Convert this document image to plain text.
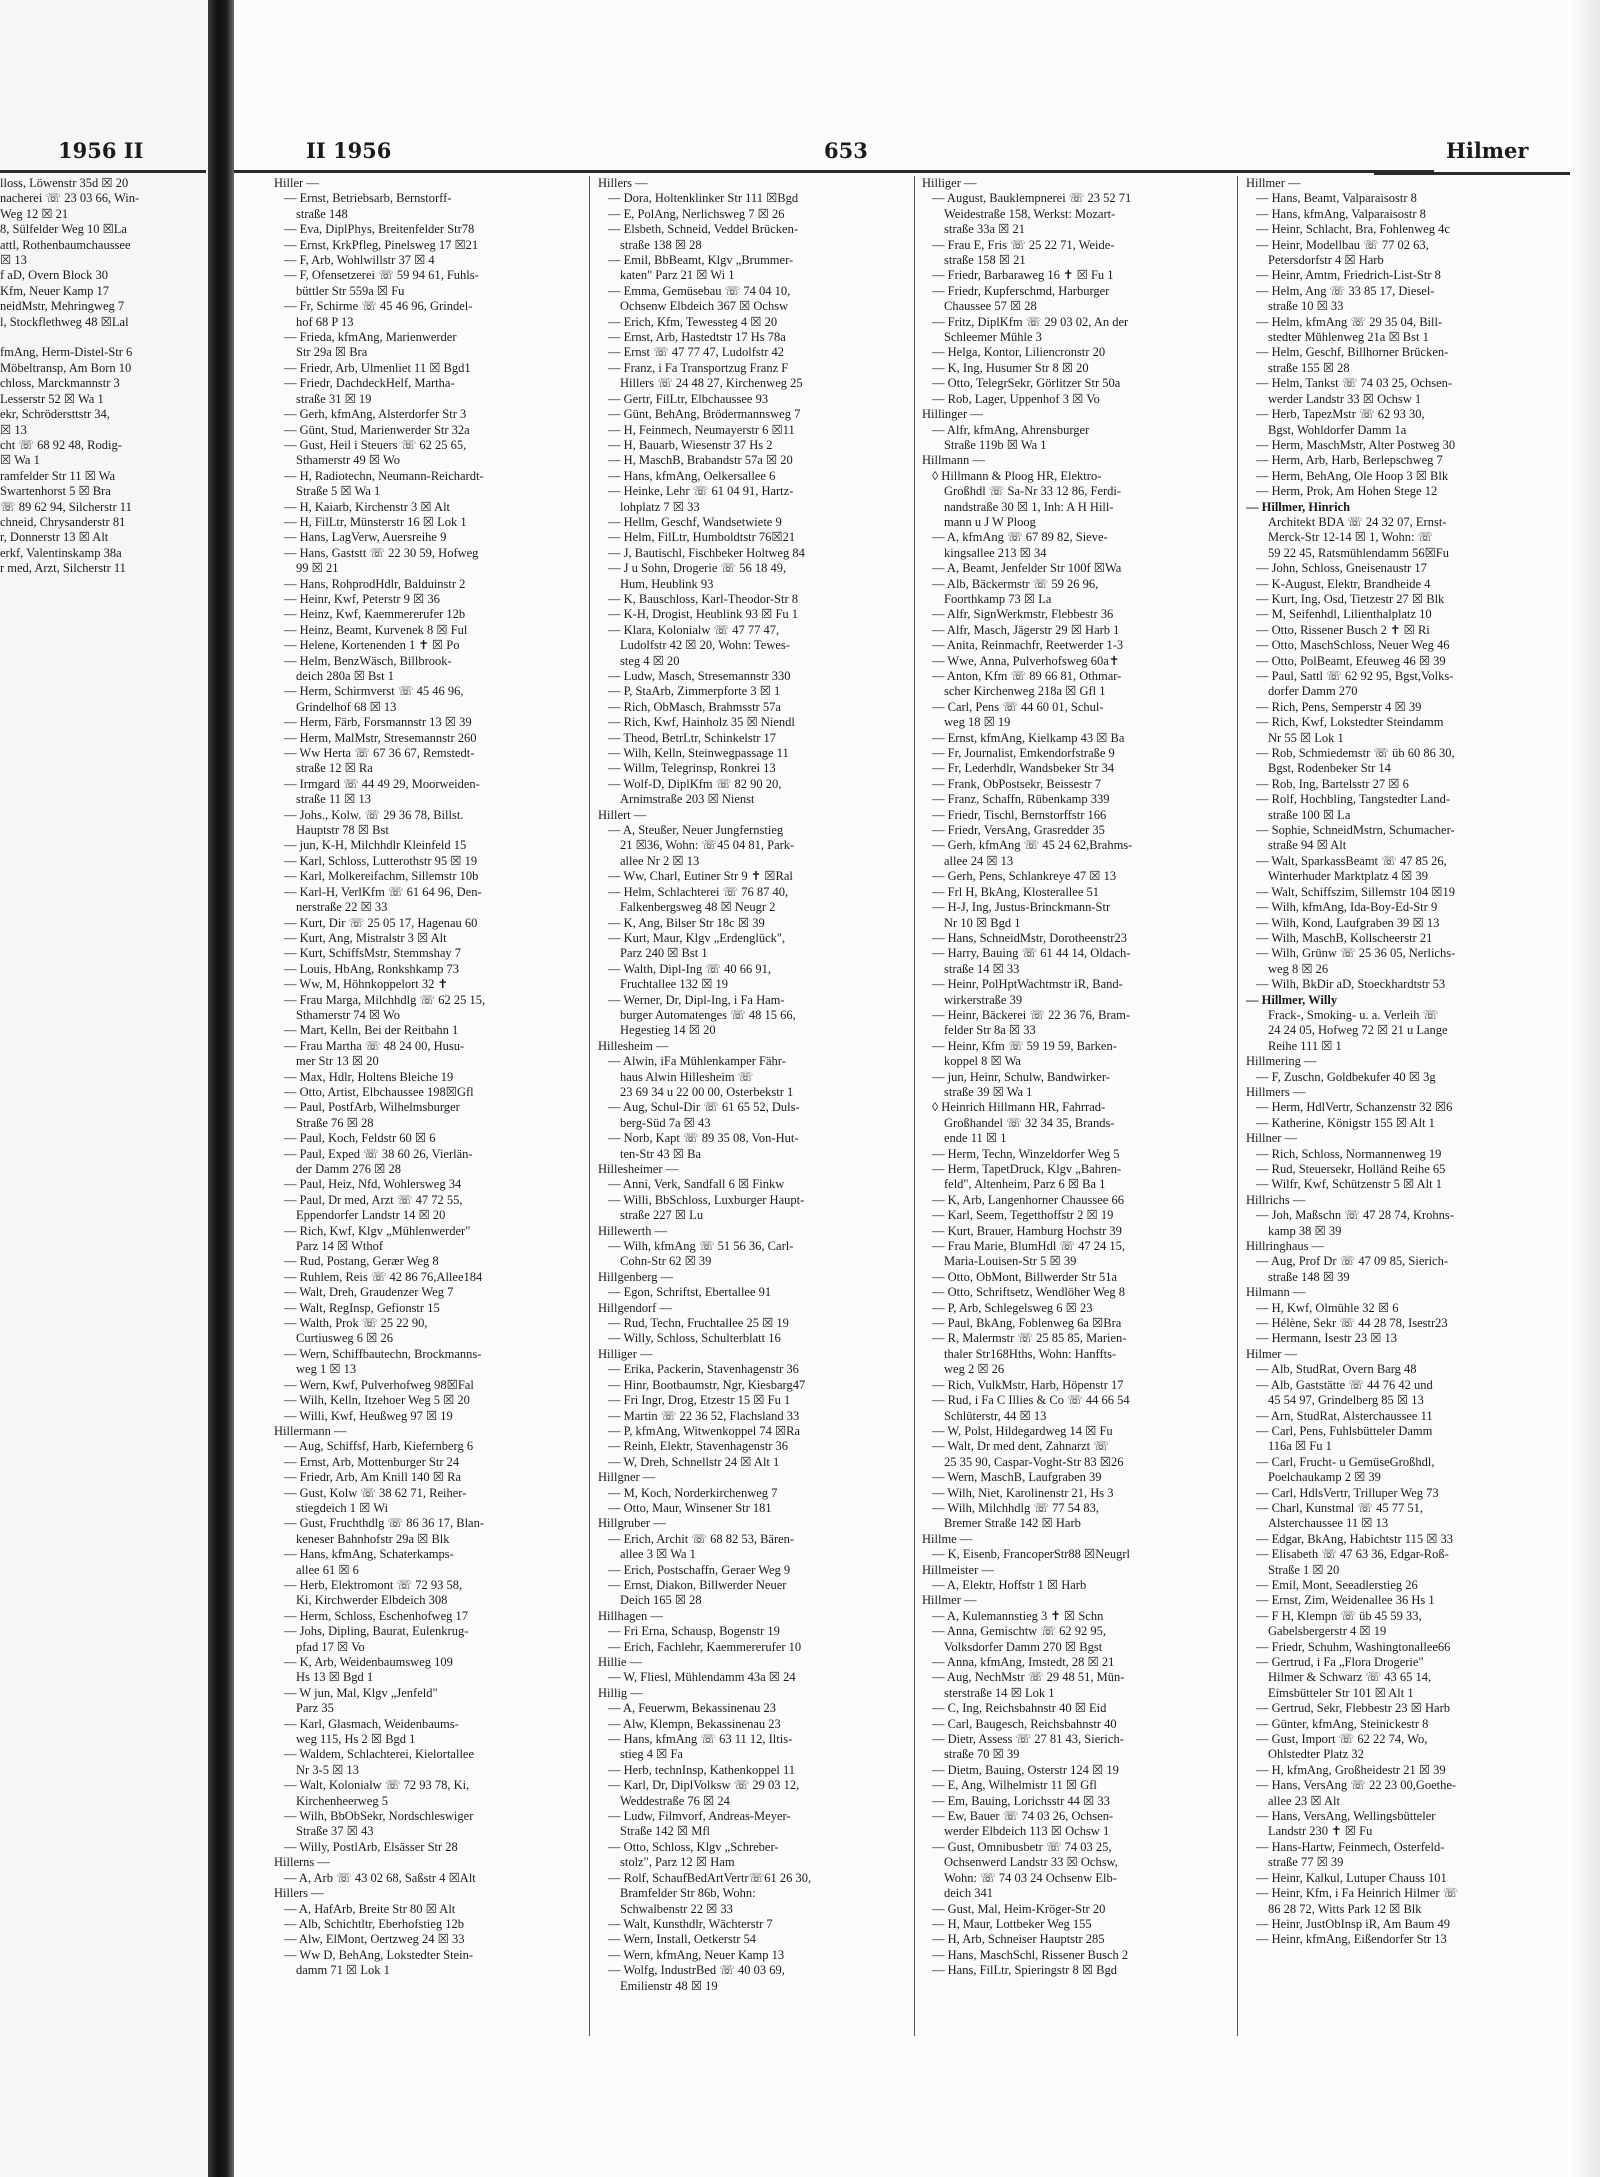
1956 II
lloss, Löwenstr 35d ☒ 20
nacherei ☏ 23 03 66, Win-
Weg 12 ☒ 21
8, Sülfelder Weg 10 ☒La
attl, Rothenbaumchaussee
☒ 13
f aD, Overn Block 30
Kfm, Neuer Kamp 17
neidMstr, Mehringweg 7
l, Stockflethweg 48 ☒Lal

fmAng, Herm-Distel-Str 6
Möbeltransp, Am Born 10
chloss, Marckmannstr 3
Lesserstr 52 ☒ Wa 1
ekr, Schrödersttstr 34,
☒ 13
cht ☏ 68 92 48, Rodig-
☒ Wa 1
ramfelder Str 11 ☒ Wa
Swartenhorst 5 ☒ Bra
☏ 89 62 94, Silcherstr 11
chneid, Chrysanderstr 81
r, Donnerstr 13 ☒ Alt
erkf, Valentinskamp 38a
r med, Arzt, Silcherstr 11
II 1956	653	Hilmer
Hiller —
— Ernst, Betriebsarb, Bernstorff-
straße 148
— Eva, DiplPhys, Breitenfelder Str78
— Ernst, KrkPfleg, Pinelsweg 17 ☒21
— F, Arb, Wohlwillstr 37 ☒ 4
— F, Ofensetzerei ☏ 59 94 61, Fuhls-
büttler Str 559a ☒ Fu
— Fr, Schirme ☏ 45 46 96, Grindel-
hof 68 P 13
— Frieda, kfmAng, Marienwerder
Str 29a ☒ Bra
— Friedr, Arb, Ulmenliet 11 ☒ Bgd1
— Friedr, DachdeckHelf, Martha-
straße 31 ☒ 19
— Gerh, kfmAng, Alsterdorfer Str 3
— Günt, Stud, Marienwerder Str 32a
— Gust, Heil i Steuers ☏ 62 25 65,
Sthamerstr 49 ☒ Wo
— H, Radiotechn, Neumann-Reichardt-
Straße 5 ☒ Wa 1
— H, Kaiarb, Kirchenstr 3 ☒ Alt
— H, FilLtr, Münsterstr 16 ☒ Lok 1
— Hans, LagVerw, Auersreihe 9
— Hans, Gaststt ☏ 22 30 59, Hofweg
99 ☒ 21
— Hans, RohprodHdlr, Balduinstr 2
— Heinr, Kwf, Peterstr 9 ☒ 36
— Heinz, Kwf, Kaemmererufer 12b
— Heinz, Beamt, Kurvenek 8 ☒ Ful
— Helene, Kortenenden 1 ✝ ☒ Po
— Helm, BenzWäsch, Billbrook-
deich 280a ☒ Bst 1
— Herm, Schirmverst ☏ 45 46 96,
Grindelhof 68 ☒ 13
— Herm, Färb, Forsmannstr 13 ☒ 39
— Herm, MalMstr, Stresemannstr 260
— Ww Herta ☏ 67 36 67, Remstedt-
straße 12 ☒ Ra
— Irmgard ☏ 44 49 29, Moorweiden-
straße 11 ☒ 13
— Johs., Kolw. ☏ 29 36 78, Billst.
Hauptstr 78 ☒ Bst
— jun, K-H, Milchhdlr Kleinfeld 15
— Karl, Schloss, Lutterothstr 95 ☒ 19
— Karl, Molkereifachm, Sillemstr 10b
— Karl-H, VerlKfm ☏ 61 64 96, Den-
nerstraße 22 ☒ 33
— Kurt, Dir ☏ 25 05 17, Hagenau 60
— Kurt, Ang, Mistralstr 3 ☒ Alt
— Kurt, SchiffsMstr, Stemmshay 7
— Louis, HbAng, Ronkshkamp 73
— Ww, M, Höhnkoppelort 32 ✝
— Frau Marga, Milchhdlg ☏ 62 25 15,
Sthamerstr 74 ☒ Wo
— Mart, Kelln, Bei der Reitbahn 1
— Frau Martha ☏ 48 24 00, Husu-
mer Str 13 ☒ 20
— Max, Hdlr, Holtens Bleiche 19
— Otto, Artist, Elbchaussee 198☒Gfl
— Paul, PostfArb, Wilhelmsburger
Straße 76 ☒ 28
— Paul, Koch, Feldstr 60 ☒ 6
— Paul, Exped ☏ 38 60 26, Vierlän-
der Damm 276 ☒ 28
— Paul, Heiz, Nfd, Wohlersweg 34
— Paul, Dr med, Arzt ☏ 47 72 55,
Eppendorfer Landstr 14 ☒ 20
— Rich, Kwf, Klgv „Mühlenwerder"
Parz 14 ☒ Wthof
— Rud, Postang, Gerær Weg 8
— Ruhlem, Reis ☏ 42 86 76,Allee184
— Walt, Dreh, Graudenzer Weg 7
— Walt, RegInsp, Gefionstr 15
— Walth, Prok ☏ 25 22 90,
Curtiusweg 6 ☒ 26
— Wern, Schiffbautechn, Brockmanns-
weg 1 ☒ 13
— Wern, Kwf, Pulverhofweg 98☒Fal
— Wilh, Kelln, Itzehoer Weg 5 ☒ 20
— Willi, Kwf, Heußweg 97 ☒ 19
Hillermann —
— Aug, Schiffsf, Harb, Kiefernberg 6
— Ernst, Arb, Mottenburger Str 24
— Friedr, Arb, Am Knill 140 ☒ Ra
— Gust, Kolw ☏ 38 62 71, Reiher-
stiegdeich 1 ☒ Wi
— Gust, Fruchthdlg ☏ 86 36 17, Blan-
keneser Bahnhofstr 29a ☒ Blk
— Hans, kfmAng, Schaterkamps-
allee 61 ☒ 6
— Herb, Elektromont ☏ 72 93 58,
Ki, Kirchwerder Elbdeich 308
— Herm, Schloss, Eschenhofweg 17
— Johs, Dipling, Baurat, Eulenkrug-
pfad 17 ☒ Vo
— K, Arb, Weidenbaumsweg 109
Hs 13 ☒ Bgd 1
— W jun, Mal, Klgv „Jenfeld"
Parz 35
— Karl, Glasmach, Weidenbaums-
weg 115, Hs 2 ☒ Bgd 1
— Waldem, Schlachterei, Kielortallee
Nr 3-5 ☒ 13
— Walt, Kolonialw ☏ 72 93 78, Ki,
Kirchenheerweg 5
— Wilh, BbObSekr, Nordschleswiger
Straße 37 ☒ 43
— Willy, PostlArb, Elsässer Str 28
Hillerns —
— A, Arb ☏ 43 02 68, Saßstr 4 ☒Alt
Hillers —
— A, HafArb, Breite Str 80 ☒ Alt
— Alb, Schichtltr, Eberhofstieg 12b
— Alw, ElMont, Oertzweg 24 ☒ 33
— Ww D, BehAng, Lokstedter Stein-
damm 71 ☒ Lok 1
Hillers —
— Dora, Holtenklinker Str 111 ☒Bgd
— E, PolAng, Nerlichsweg 7 ☒ 26
— Elsbeth, Schneid, Veddel Brücken-
straße 138 ☒ 28
— Emil, BbBeamt, Klgv „Brummer-
katen" Parz 21 ☒ Wi 1
— Emma, Gemüsebau ☏ 74 04 10,
Ochsenw Elbdeich 367 ☒ Ochsw
— Erich, Kfm, Tewessteg 4 ☒ 20
— Ernst, Arb, Hastedtstr 17 Hs 78a
— Ernst ☏ 47 77 47, Ludolfstr 42
— Franz, i Fa Transportzug Franz F
Hillers ☏ 24 48 27, Kirchenweg 25
— Gertr, FilLtr, Elbchaussee 93
— Günt, BehAng, Brödermannsweg 7
— H, Feinmech, Neumayerstr 6 ☒11
— H, Bauarb, Wiesenstr 37 Hs 2
— H, MaschB, Brabandstr 57a ☒ 20
— Hans, kfmAng, Oelkersallee 6
— Heinke, Lehr ☏ 61 04 91, Hartz-
lohplatz 7 ☒ 33
— Hellm, Geschf, Wandsetwiete 9
— Helm, FilLtr, Humboldtstr 76☒21
— J, Bautischl, Fischbeker Holtweg 84
— J u Sohn, Drogerie ☏ 56 18 49,
Hum, Heublink 93
— K, Bauschloss, Karl-Theodor-Str 8
— K-H, Drogist, Heublink 93 ☒ Fu 1
— Klara, Kolonialw ☏ 47 77 47,
Ludolfstr 42 ☒ 20, Wohn: Tewes-
steg 4 ☒ 20
— Ludw, Masch, Stresemannstr 330
— P, StaArb, Zimmerpforte 3 ☒ 1
— Rich, ObMasch, Brahmsstr 57a
— Rich, Kwf, Hainholz 35 ☒ Niendl
— Theod, BetrLtr, Schinkelstr 17
— Wilh, Kelln, Steinwegpassage 11
— Willm, Telegrinsp, Ronkrei 13
— Wolf-D, DiplKfm ☏ 82 90 20,
Arnimstraße 203 ☒ Nienst
Hillert —
— A, Steußer, Neuer Jungfernstieg
21 ☒36, Wohn: ☏45 04 81, Park-
allee Nr 2 ☒ 13
— Ww, Charl, Eutiner Str 9 ✝ ☒Ral
— Helm, Schlachterei ☏ 76 87 40,
Falkenbergsweg 48 ☒ Neugr 2
— K, Ang, Bilser Str 18c ☒ 39
— Kurt, Maur, Klgv „Erdenglück",
Parz 240 ☒ Bst 1
— Walth, Dipl-Ing ☏ 40 66 91,
Fruchtallee 132 ☒ 19
— Werner, Dr, Dipl-Ing, i Fa Ham-
burger Automatenges ☏ 48 15 66,
Hegestieg 14 ☒ 20
Hillesheim —
— Alwin, iFa Mühlenkamper Fähr-
haus Alwin Hillesheim ☏
23 69 34 u 22 00 00, Osterbekstr 1
— Aug, Schul-Dir ☏ 61 65 52, Duls-
berg-Süd 7a ☒ 43
— Norb, Kapt ☏ 89 35 08, Von-Hut-
ten-Str 43 ☒ Ba
Hillesheimer —
— Anni, Verk, Sandfall 6 ☒ Finkw
— Willi, BbSchloss, Luxburger Haupt-
straße 227 ☒ Lu
Hillewerth —
— Wilh, kfmAng ☏ 51 56 36, Carl-
Cohn-Str 62 ☒ 39
Hillgenberg —
— Egon, Schriftst, Ebertallee 91
Hillgendorf —
— Rud, Techn, Fruchtallee 25 ☒ 19
— Willy, Schloss, Schulterblatt 16
Hilliger —
— Erika, Packerin, Stavenhagenstr 36
— Hinr, Bootbaumstr, Ngr, Kiesbarg47
— Fri Ingr, Drog, Etzestr 15 ☒ Fu 1
— Martin ☏ 22 36 52, Flachsland 33
— P, kfmAng, Witwenkoppel 74 ☒Ra
— Reinh, Elektr, Stavenhagenstr 36
— W, Dreh, Schnellstr 24 ☒ Alt 1
Hillgner —
— M, Koch, Norderkirchenweg 7
— Otto, Maur, Winsener Str 181
Hillgruber —
— Erich, Archit ☏ 68 82 53, Bären-
allee 3 ☒ Wa 1
— Erich, Postschaffn, Geraer Weg 9
— Ernst, Diakon, Billwerder Neuer
Deich 165 ☒ 28
Hillhagen —
— Fri Erna, Schausp, Bogenstr 19
— Erich, Fachlehr, Kaemmererufer 10
Hillie —
— W, Fliesl, Mühlendamm 43a ☒ 24
Hillig —
— A, Feuerwm, Bekassinenau 23
— Alw, Klempn, Bekassinenau 23
— Hans, kfmAng ☏ 63 11 12, Iltis-
stieg 4 ☒ Fa
— Herb, technInsp, Kathenkoppel 11
— Karl, Dr, DiplVolksw ☏ 29 03 12,
Weddestraße 76 ☒ 24
— Ludw, Filmvorf, Andreas-Meyer-
Straße 142 ☒ Mfl
— Otto, Schloss, Klgv „Schreber-
stolz", Parz 12 ☒ Ham
— Rolf, SchaufBedArtVertr☏61 26 30,
Bramfelder Str 86b, Wohn:
Schwalbenstr 22 ☒ 33
— Walt, Kunsthdlr, Wächterstr 7
— Wern, Install, Oetkerstr 54
— Wern, kfmAng, Neuer Kamp 13
— Wolfg, IndustrBed ☏ 40 03 69,
Emilienstr 48 ☒ 19
Hilliger —
— August, Bauklempnerei ☏ 23 52 71
Weidestraße 158, Werkst: Mozart-
straße 33a ☒ 21
— Frau E, Fris ☏ 25 22 71, Weide-
straße 158 ☒ 21
— Friedr, Barbaraweg 16 ✝ ☒ Fu 1
— Friedr, Kupferschmd, Harburger
Chaussee 57 ☒ 28
— Fritz, DiplKfm ☏ 29 03 02, An der
Schleemer Mühle 3
— Helga, Kontor, Liliencronstr 20
— K, Ing, Husumer Str 8 ☒ 20
— Otto, TelegrSekr, Görlitzer Str 50a
— Rob, Lager, Uppenhof 3 ☒ Vo
Hillinger —
— Alfr, kfmAng, Ahrensburger
Straße 119b ☒ Wa 1
Hillmann —
◊ Hillmann & Ploog HR, Elektro-
Großhdl ☏ Sa-Nr 33 12 86, Ferdi-
nandstraße 30 ☒ 1, Inh: A H Hill-
mann u J W Ploog
— A, kfmAng ☏ 67 89 82, Sieve-
kingsallee 213 ☒ 34
— A, Beamt, Jenfelder Str 100f ☒Wa
— Alb, Bäckermstr ☏ 59 26 96,
Foorthkamp 73 ☒ La
— Alfr, SignWerkmstr, Flebbestr 36
— Alfr, Masch, Jägerstr 29 ☒ Harb 1
— Anita, Reinmachfr, Reetwerder 1-3
— Wwe, Anna, Pulverhofsweg 60a✝
— Anton, Kfm ☏ 89 66 81, Othmar-
scher Kirchenweg 218a ☒ Gfl 1
— Carl, Pens ☏ 44 60 01, Schul-
weg 18 ☒ 19
— Ernst, kfmAng, Kielkamp 43 ☒ Ba
— Fr, Journalist, Emkendorfstraße 9
— Fr, Lederhdlr, Wandsbeker Str 34
— Frank, ObPostsekr, Beissestr 7
— Franz, Schaffn, Rübenkamp 339
— Friedr, Tischl, Bernstorffstr 166
— Friedr, VersAng, Grasredder 35
— Gerh, kfmAng ☏ 45 24 62,Brahms-
allee 24 ☒ 13
— Gerh, Pens, Schlankreye 47 ☒ 13
— Frl H, BkAng, Klosterallee 51
— H-J, Ing, Justus-Brinckmann-Str
Nr 10 ☒ Bgd 1
— Hans, SchneidMstr, Dorotheenstr23
— Harry, Bauing ☏ 61 44 14, Oldach-
straße 14 ☒ 33
— Heinr, PolHptWachtmstr iR, Band-
wirkerstraße 39
— Heinr, Bäckerei ☏ 22 36 76, Bram-
felder Str 8a ☒ 33
— Heinr, Kfm ☏ 59 19 59, Barken-
koppel 8 ☒ Wa
— jun, Heinr, Schulw, Bandwirker-
straße 39 ☒ Wa 1
◊ Heinrich Hillmann HR, Fahrrad-
Großhandel ☏ 32 34 35, Brands-
ende 11 ☒ 1
— Herm, Techn, Winzeldorfer Weg 5
— Herm, TapetDruck, Klgv „Bahren-
feld", Altenheim, Parz 6 ☒ Ba 1
— K, Arb, Langenhorner Chaussee 66
— Karl, Seem, Tegetthoffstr 2 ☒ 19
— Kurt, Brauer, Hamburg Hochstr 39
— Frau Marie, BlumHdl ☏ 47 24 15,
Maria-Louisen-Str 5 ☒ 39
— Otto, ObMont, Billwerder Str 51a
— Otto, Schriftsetz, Wendlöher Weg 8
— P, Arb, Schlegelsweg 6 ☒ 23
— Paul, BkAng, Foblenweg 6a ☒Bra
— R, Malermstr ☏ 25 85 85, Marien-
thaler Str168Hths, Wohn: Hanffts-
weg 2 ☒ 26
— Rich, VulkMstr, Harb, Höpenstr 17
— Rud, i Fa C Illies & Co ☏ 44 66 54
Schlüterstr, 44 ☒ 13
— W, Polst, Hildegardweg 14 ☒ Fu
— Walt, Dr med dent, Zahnarzt ☏
25 35 90, Caspar-Voght-Str 83 ☒26
— Wern, MaschB, Laufgraben 39
— Wilh, Niet, Karolinenstr 21, Hs 3
— Wilh, Milchhdlg ☏ 77 54 83,
Bremer Straße 142 ☒ Harb
Hillme —
— K, Eisenb, FrancoperStr88 ☒Neugrl
Hillmeister —
— A, Elektr, Hoffstr 1 ☒ Harb
Hillmer —
— A, Kulemannstieg 3 ✝ ☒ Schn
— Anna, Gemischtw ☏ 62 92 95,
Volksdorfer Damm 270 ☒ Bgst
— Anna, kfmAng, Imstedt, 28 ☒ 21
— Aug, NechMstr ☏ 29 48 51, Mün-
sterstraße 14 ☒ Lok 1
— C, Ing, Reichsbahnstr 40 ☒ Eid
— Carl, Baugesch, Reichsbahnstr 40
— Dietr, Assess ☏ 27 81 43, Sierich-
straße 70 ☒ 39
— Dietm, Bauing, Osterstr 124 ☒ 19
— E, Ang, Wilhelmistr 11 ☒ Gfl
— Em, Bauing, Lorichsstr 44 ☒ 33
— Ew, Bauer ☏ 74 03 26, Ochsen-
werder Elbdeich 113 ☒ Ochsw 1
— Gust, Omnibusbetr ☏ 74 03 25,
Ochsenwerd Landstr 33 ☒ Ochsw,
Wohn: ☏ 74 03 24 Ochsenw Elb-
deich 341
— Gust, Mal, Heim-Kröger-Str 20
— H, Maur, Lottbeker Weg 155
— H, Arb, Schneiser Hauptstr 285
— Hans, MaschSchl, Rissener Busch 2
— Hans, FilLtr, Spieringstr 8 ☒ Bgd
Hillmer —
— Hans, Beamt, Valparaisostr 8
— Hans, kfmAng, Valparaisostr 8
— Heinr, Schlacht, Bra, Fohlenweg 4c
— Heinr, Modellbau ☏ 77 02 63,
Petersdorfstr 4 ☒ Harb
— Heinr, Amtm, Friedrich-List-Str 8
— Helm, Ang ☏ 33 85 17, Diesel-
straße 10 ☒ 33
— Helm, kfmAng ☏ 29 35 04, Bill-
stedter Mühlenweg 21a ☒ Bst 1
— Helm, Geschf, Billhorner Brücken-
straße 155 ☒ 28
— Helm, Tankst ☏ 74 03 25, Ochsen-
werder Landstr 33 ☒ Ochsw 1
— Herb, TapezMstr ☏ 62 93 30,
Bgst, Wohldorfer Damm 1a
— Herm, MaschMstr, Alter Postweg 30
— Herm, Arb, Harb, Berlepschweg 7
— Herm, BehAng, Ole Hoop 3 ☒ Blk
— Herm, Prok, Am Hohen Stege 12
— Hillmer, Hinrich
Architekt BDA ☏ 24 32 07, Ernst-
Merck-Str 12-14 ☒ 1, Wohn: ☏
59 22 45, Ratsmühlendamm 56☒Fu
— John, Schloss, Gneisenaustr 17
— K-August, Elektr, Brandheide 4
— Kurt, Ing, Osd, Tietzestr 27 ☒ Blk
— M, Seifenhdl, Lilienthalplatz 10
— Otto, Rissener Busch 2 ✝ ☒ Ri
— Otto, MaschSchloss, Neuer Weg 46
— Otto, PolBeamt, Efeuweg 46 ☒ 39
— Paul, Sattl ☏ 62 92 95, Bgst,Volks-
dorfer Damm 270
— Rich, Pens, Semperstr 4 ☒ 39
— Rich, Kwf, Lokstedter Steindamm
Nr 55 ☒ Lok 1
— Rob, Schmiedemstr ☏ üb 60 86 30,
Bgst, Rodenbeker Str 14
— Rob, Ing, Bartelsstr 27 ☒ 6
— Rolf, Hochbling, Tangstedter Land-
straße 100 ☒ La
— Sophie, SchneidMstrn, Schumacher-
straße 94 ☒ Alt
— Walt, SparkassBeamt ☏ 47 85 26,
Winterhuder Marktplatz 4 ☒ 39
— Walt, Schiffszim, Sillemstr 104 ☒19
— Wilh, kfmAng, Ida-Boy-Ed-Str 9
— Wilh, Kond, Laufgraben 39 ☒ 13
— Wilh, MaschB, Kollscheerstr 21
— Wilh, Grünw ☏ 25 36 05, Nerlichs-
weg 8 ☒ 26
— Wilh, BkDir aD, Stoeckhardtstr 53
— Hillmer, Willy
Frack-, Smoking- u. a. Verleih ☏
24 24 05, Hofweg 72 ☒ 21 u Lange
Reihe 111 ☒ 1
Hillmering —
— F, Zuschn, Goldbekufer 40 ☒ 3g
Hillmers —
— Herm, HdlVertr, Schanzenstr 32 ☒6
— Katherine, Königstr 155 ☒ Alt 1
Hillner —
— Rich, Schloss, Normannenweg 19
— Rud, Steuersekr, Holländ Reihe 65
— Wilfr, Kwf, Schützenstr 5 ☒ Alt 1
Hillrichs —
— Joh, Maßschn ☏ 47 28 74, Krohns-
kamp 38 ☒ 39
Hillringhaus —
— Aug, Prof Dr ☏ 47 09 85, Sierich-
straße 148 ☒ 39
Hilmann —
— H, Kwf, Olmühle 32 ☒ 6
— Hélène, Sekr ☏ 44 28 78, Isestr23
— Hermann, Isestr 23 ☒ 13
Hilmer —
— Alb, StudRat, Overn Barg 48
— Alb, Gaststätte ☏ 44 76 42 und
45 54 97, Grindelberg 85 ☒ 13
— Arn, StudRat, Alsterchaussee 11
— Carl, Pens, Fuhlsbütteler Damm
116a ☒ Fu 1
— Carl, Frucht- u GemüseGroßhdl,
Poelchaukamp 2 ☒ 39
— Carl, HdlsVertr, Trilluper Weg 73
— Charl, Kunstmal ☏ 45 77 51,
Alsterchaussee 11 ☒ 13
— Edgar, BkAng, Habichtstr 115 ☒ 33
— Elisabeth ☏ 47 63 36, Edgar-Roß-
Straße 1 ☒ 20
— Emil, Mont, Seeadlerstieg 26
— Ernst, Zim, Weidenallee 36 Hs 1
— F H, Klempn ☏ üb 45 59 33,
Gabelsbergerstr 4 ☒ 19
— Friedr, Schuhm, Washingtonallee66
— Gertrud, i Fa „Flora Drogerie"
Hilmer & Schwarz ☏ 43 65 14,
Eimsbütteler Str 101 ☒ Alt 1
— Gertrud, Sekr, Flebbestr 23 ☒ Harb
— Günter, kfmAng, Steinickestr 8
— Gust, Import ☏ 62 22 74, Wo,
Ohlstedter Platz 32
— H, kfmAng, Großheidestr 21 ☒ 39
— Hans, VersAng ☏ 22 23 00,Goethe-
allee 23 ☒ Alt
— Hans, VersAng, Wellingsbütteler
Landstr 230 ✝ ☒ Fu
— Hans-Hartw, Feinmech, Osterfeld-
straße 77 ☒ 39
— Heinr, Kalkul, Lutuper Chauss 101
— Heinr, Kfm, i Fa Heinrich Hilmer ☏
86 28 72, Witts Park 12 ☒ Blk
— Heinr, JustObInsp iR, Am Baum 49
— Heinr, kfmAng, Eißendorfer Str 13
